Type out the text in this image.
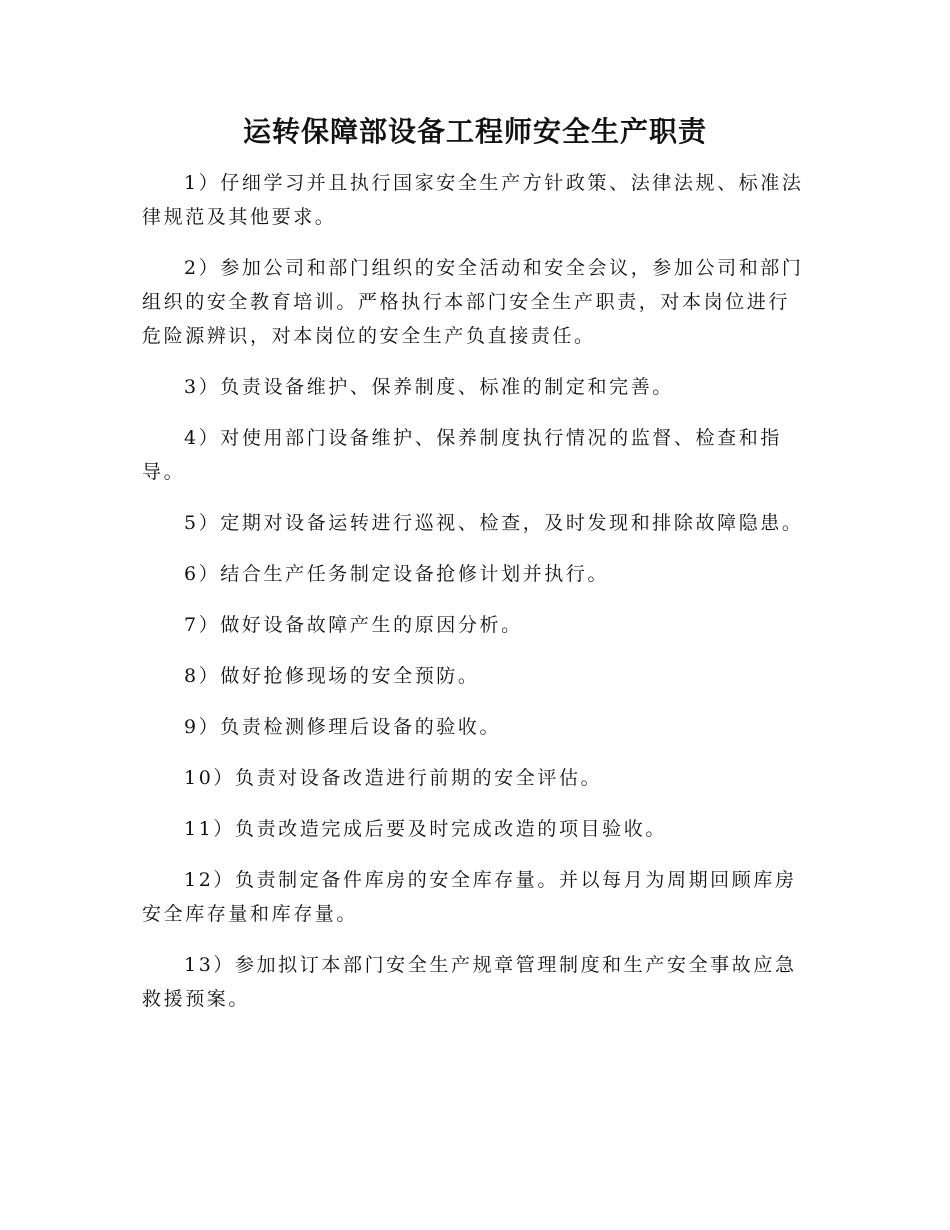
运转保障部设备工程师安全生产职责

1）仔细学习并且执行国家安全生产方针政策、法律法规、标准法律规范及其他要求。

2）参加公司和部门组织的安全活动和安全会议，参加公司和部门组织的安全教育培训。严格执行本部门安全生产职责，对本岗位进行危险源辨识，对本岗位的安全生产负直接责任。

3）负责设备维护、保养制度、标准的制定和完善。

4）对使用部门设备维护、保养制度执行情况的监督、检查和指导。

5）定期对设备运转进行巡视、检查，及时发现和排除故障隐患。

6）结合生产任务制定设备抢修计划并执行。

7）做好设备故障产生的原因分析。

8）做好抢修现场的安全预防。

9）负责检测修理后设备的验收。

10）负责对设备改造进行前期的安全评估。

11）负责改造完成后要及时完成改造的项目验收。

12）负责制定备件库房的安全库存量。并以每月为周期回顾库房安全库存量和库存量。

13）参加拟订本部门安全生产规章管理制度和生产安全事故应急救援预案。
